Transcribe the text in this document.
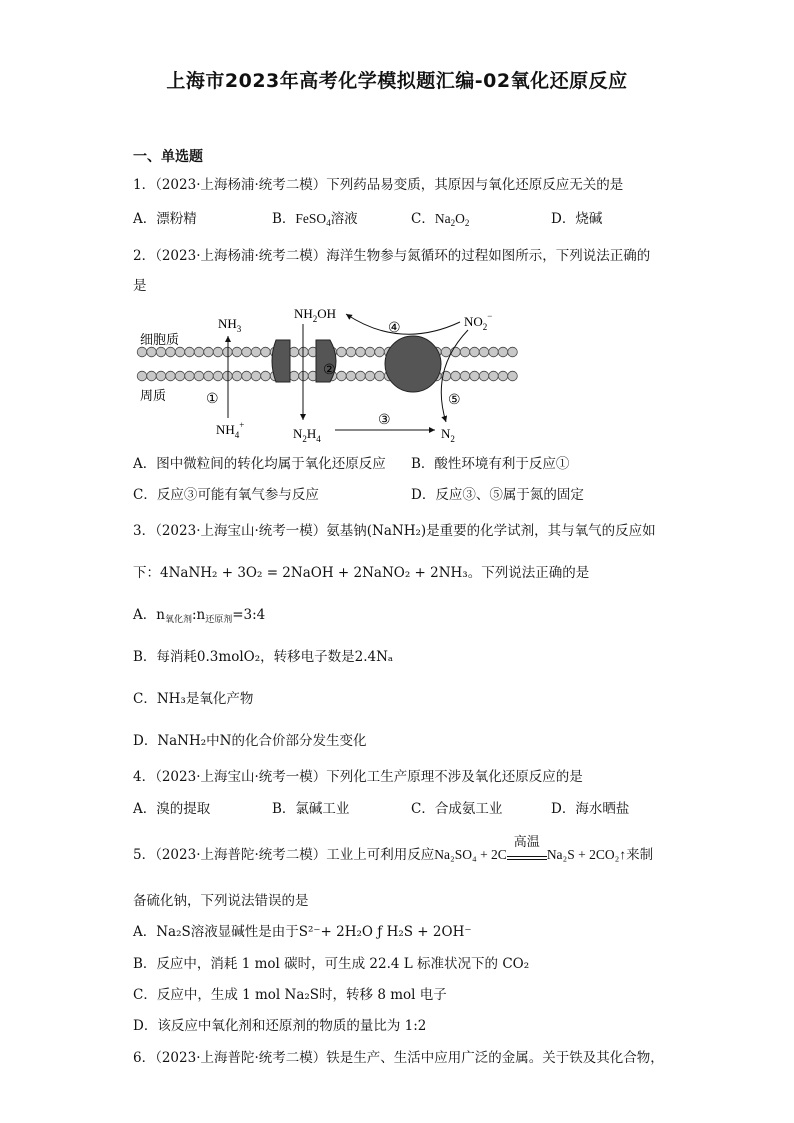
上海市2023年高考化学模拟题汇编-02氧化还原反应
一、单选题
1．（2023·上海杨浦·统考二模）下列药品易变质，其原因与氧化还原反应无关的是
A．漂粉精	B．FeSO$_4$溶液	C．$Na_2O_2$	D．烧碱
2．（2023·上海杨浦·统考二模）海洋生物参与氮循环的过程如图所示，下列说法正确的
是
细胞质
周质
$NH_3$
①
$NH_4^+$
$NH_2OH$
②
$N_2H_4$
③
$N_2$
$NO_2^-$
④
⑤
A．图中微粒间的转化均属于氧化还原反应 B．酸性环境有利于反应①
C．反应③可能有氧气参与反应	D．反应③、⑤属于氮的固定
3．（2023·上海宝山·统考一模）氨基钠(NaNH₂)是重要的化学试剂，其与氧气的反应如
下：4NaNH₂ + 3O₂ = 2NaOH + 2NaNO₂ + 2NH₃。下列说法正确的是
A．$n_{氧化剂}:n_{还原剂}=3:4$
B．每消耗0.3molO₂，转移电子数是2.4Nₐ
C．NH₃是氧化产物
D．NaNH₂中N的化合价部分发生变化
4．（2023·上海宝山·统考一模）下列化工生产原理不涉及氧化还原反应的是
A．溴的提取	B．氯碱工业	C．合成氨工业	D．海水晒盐
5．（2023·上海普陀·统考二模）工业上可利用反应Na₂SO₄ + 2C
高温
Na₂S + 2CO₂↑来制
备硫化钠，下列说法错误的是
A．Na₂S溶液显碱性是由于S²⁻+ 2H₂O ƒ H₂S + 2OH⁻
B．反应中，消耗 1 mol 碳时，可生成 22.4 L 标准状况下的 CO₂
C．反应中，生成 1 mol Na₂S时，转移 8 mol 电子
D．该反应中氧化剂和还原剂的物质的量比为 1:2
6．（2023·上海普陀·统考二模）铁是生产、生活中应用广泛的金属。关于铁及其化合物，
